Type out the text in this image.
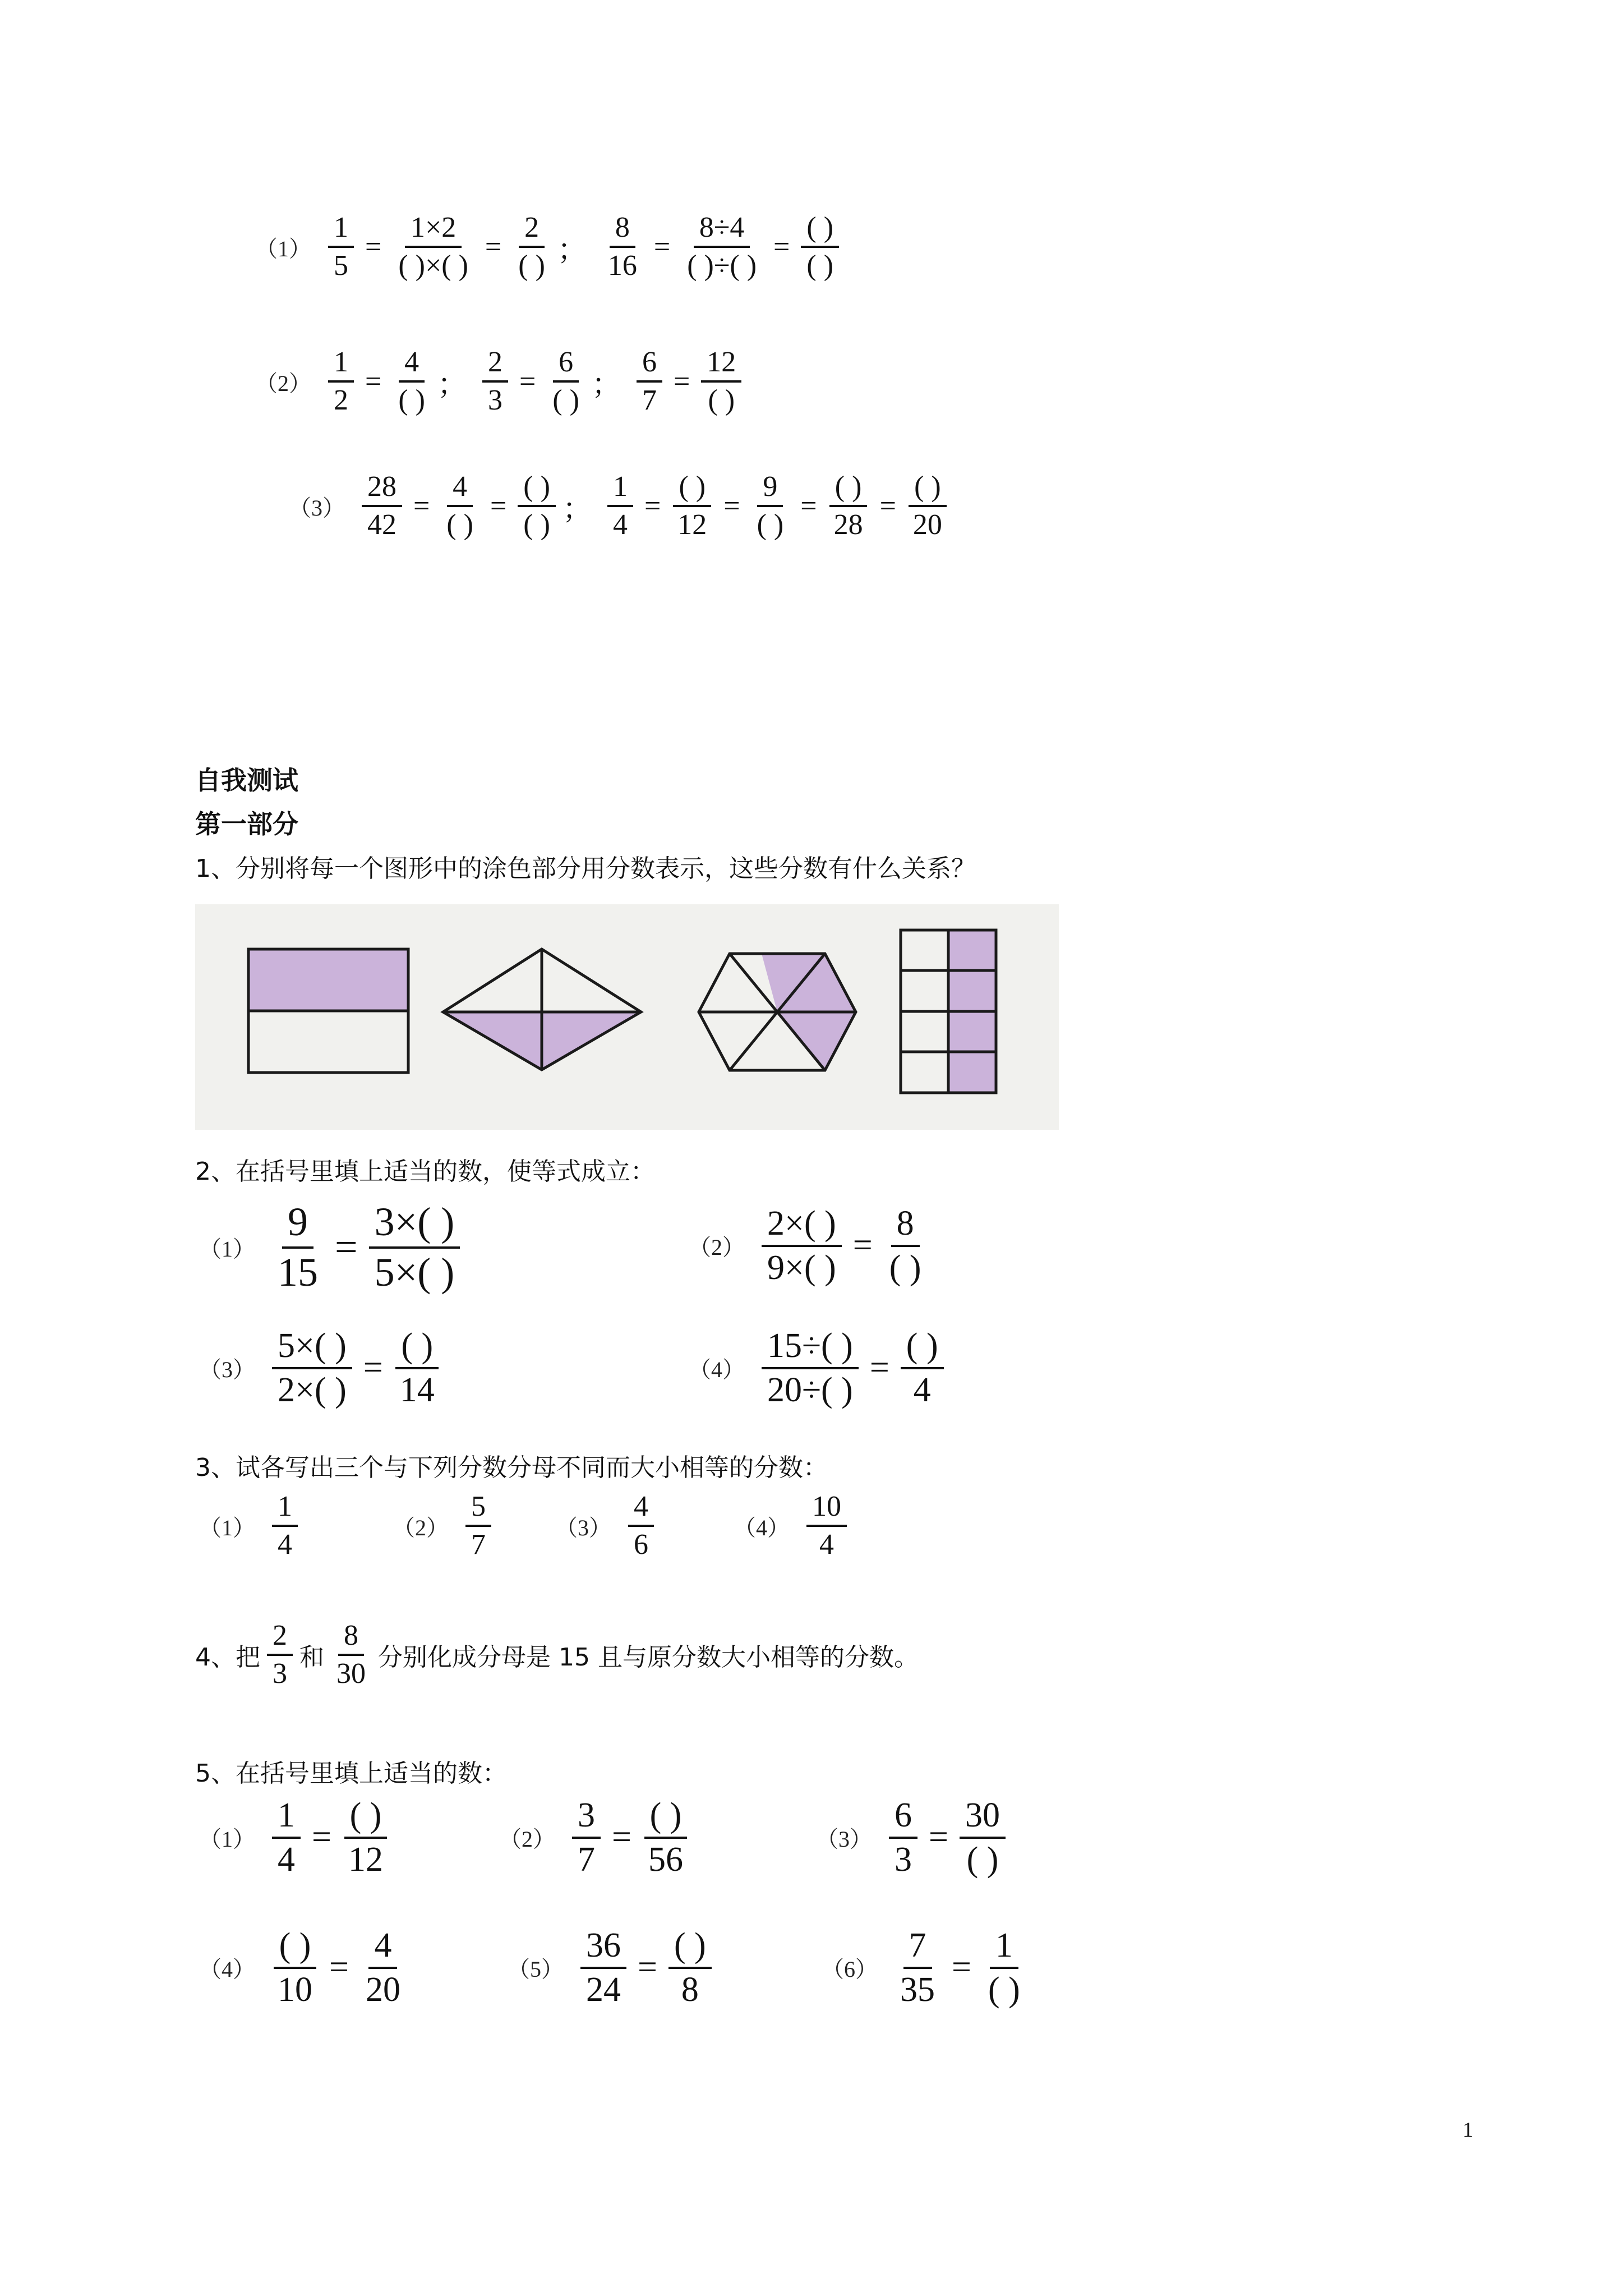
$(1) \frac{1}{5} = \frac{1\times 2}{( )\times( )} = \frac{2}{( )}$ ； $\frac{8}{16} = \frac{8\div 4}{( )\div( )} = \frac{( )}{( )}$
$(2) \frac{1}{2} = \frac{4}{( )}$ ； $\frac{2}{3} = \frac{6}{( )}$ ； $\frac{6}{7} = \frac{12}{( )}$
$(3) \frac{28}{42} = \frac{4}{( )} = \frac{( )}{( )}$ ； $\frac{1}{4} = \frac{( )}{12} = \frac{9}{( )} = \frac{( )}{28} = \frac{( )}{20}$
自我测试
第一部分
1、分别将每一个图形中的涂色部分用分数表示，这些分数有什么关系？
2、在括号里填上适当的数，使等式成立：
$(1) \frac{9}{15} = \frac{3\times( )}{5\times( )}$	$(2) \frac{2\times( )}{9\times( )} = \frac{8}{( )}$
$(3) \frac{5\times( )}{2\times( )} = \frac{( )}{14}$	$(4) \frac{15\div( )}{20\div( )} = \frac{( )}{4}$
3、试各写出三个与下列分数分母不同而大小相等的分数：
$(1) \frac{1}{4}$	$(2) \frac{5}{7}$	$(3) \frac{4}{6}$	$(4) \frac{10}{4}$
4、把 $\frac{2}{3}$ 和 $\frac{8}{30}$ 分别化成分母是 15 且与原分数大小相等的分数。
5、在括号里填上适当的数：
$(1) \frac{1}{4} = \frac{( )}{12}$	$(2) \frac{3}{7} = \frac{( )}{56}$	$(3) \frac{6}{3} = \frac{30}{( )}$
$(4) \frac{( )}{10} = \frac{4}{20}$	$(5) \frac{36}{24} = \frac{( )}{8}$	$(6) \frac{7}{35} = \frac{1}{( )}$
1
